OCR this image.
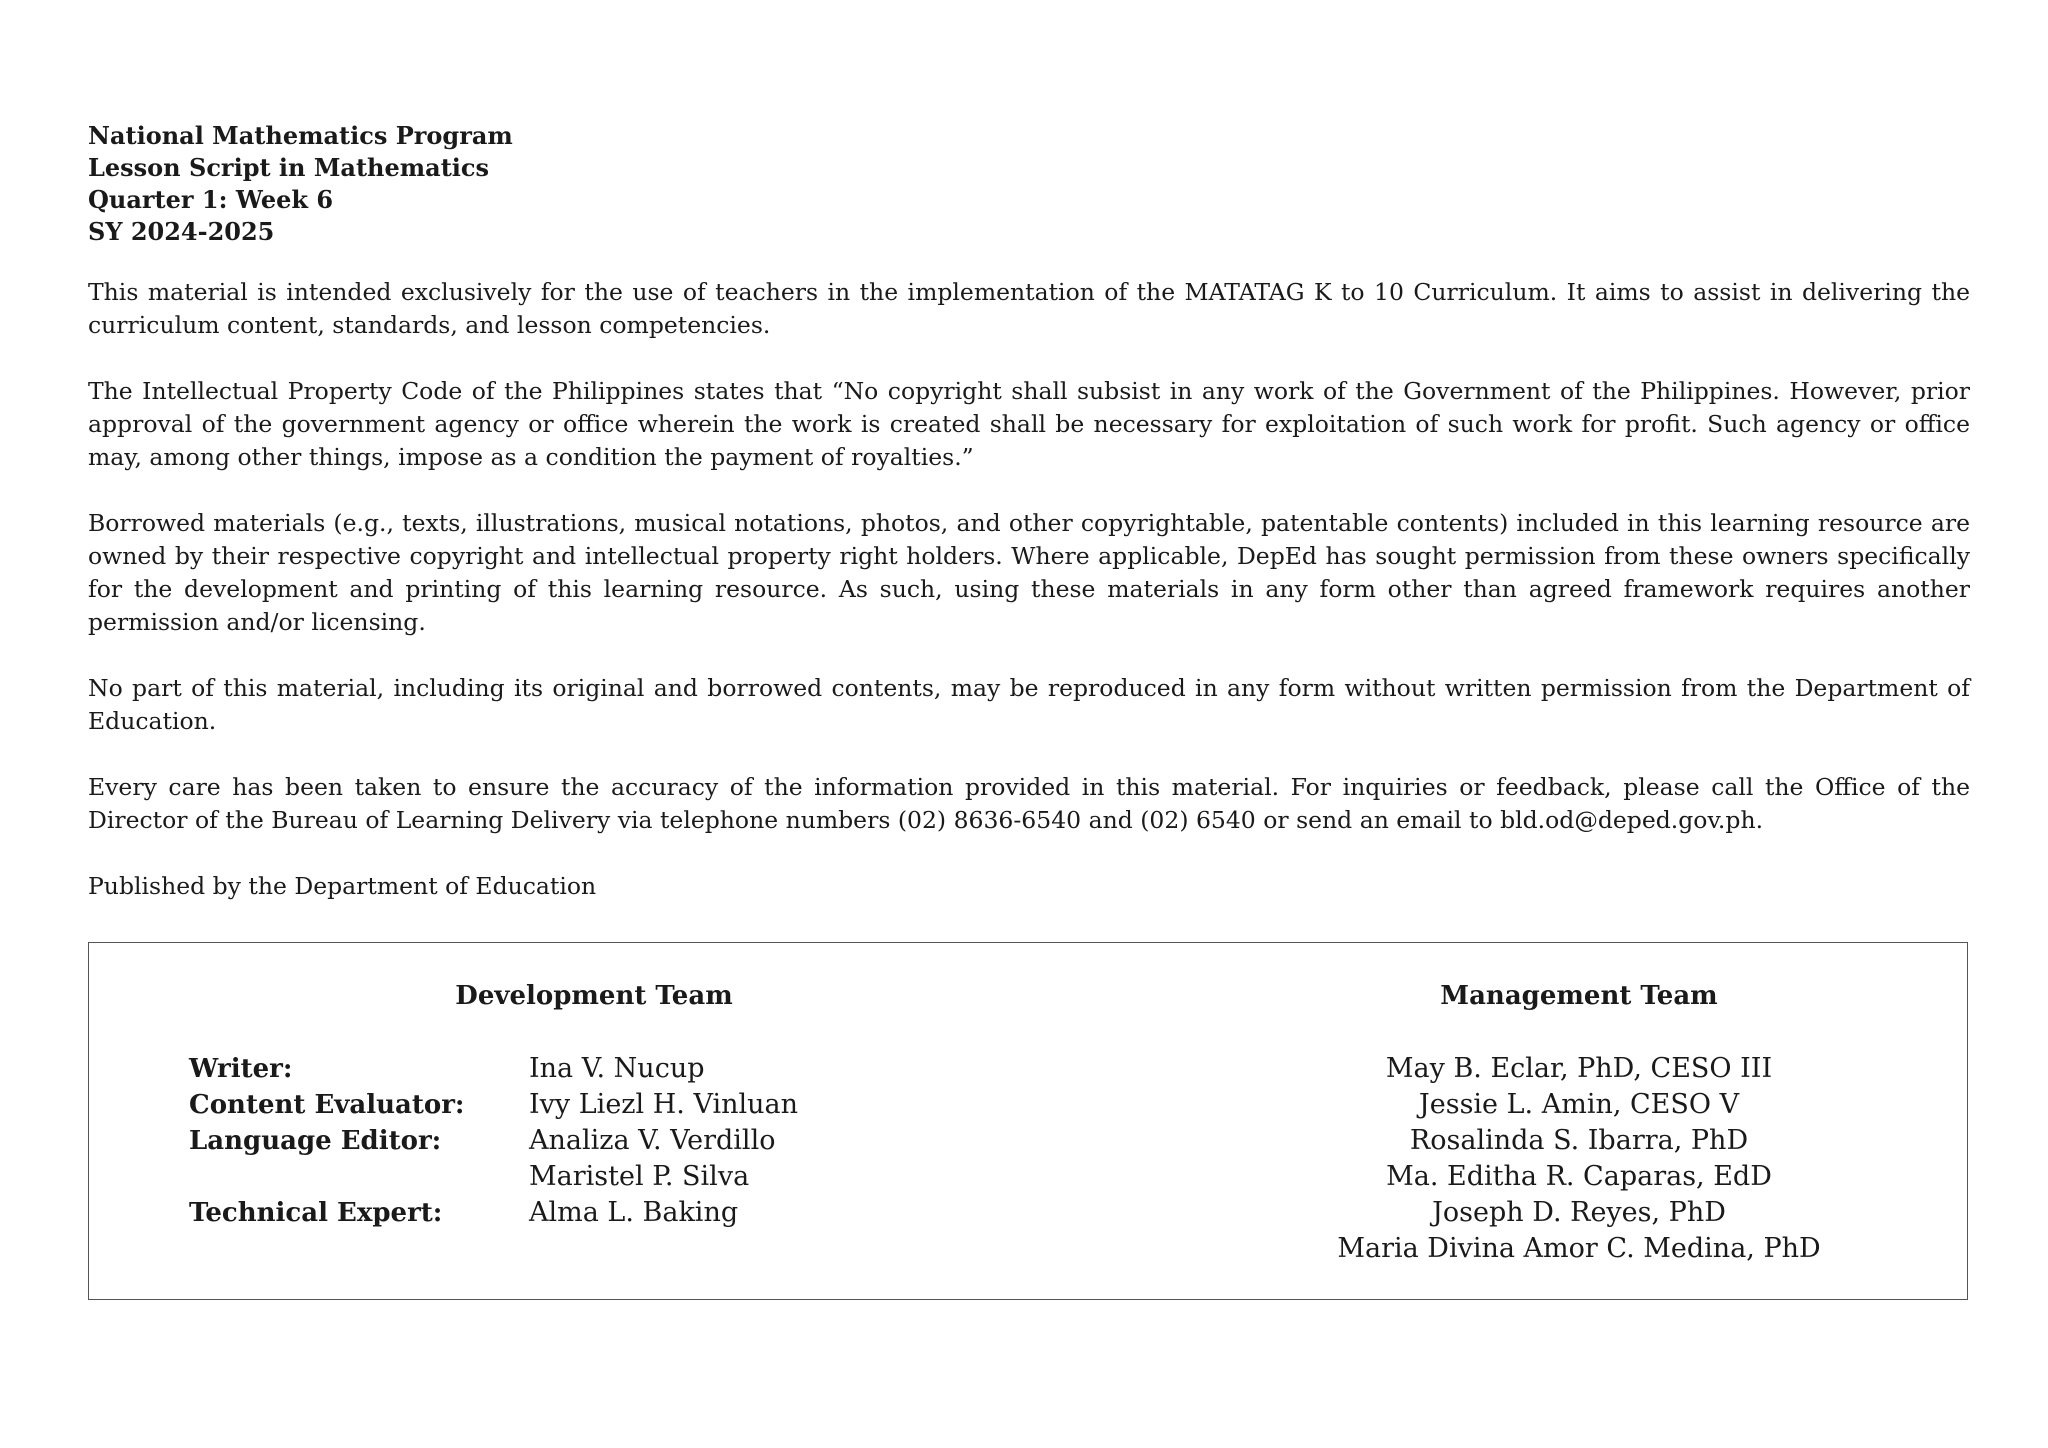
National Mathematics Program
Lesson Script in Mathematics
Quarter 1: Week 6
SY 2024-2025

This material is intended exclusively for the use of teachers in the implementation of the MATATAG K to 10 Curriculum. It aims to assist in delivering the curriculum content, standards, and lesson competencies.

The Intellectual Property Code of the Philippines states that “No copyright shall subsist in any work of the Government of the Philippines. However, prior approval of the government agency or office wherein the work is created shall be necessary for exploitation of such work for profit. Such agency or office may, among other things, impose as a condition the payment of royalties.”

Borrowed materials (e.g., texts, illustrations, musical notations, photos, and other copyrightable, patentable contents) included in this learning resource are owned by their respective copyright and intellectual property right holders. Where applicable, DepEd has sought permission from these owners specifically for the development and printing of this learning resource. As such, using these materials in any form other than agreed framework requires another permission and/or licensing.

No part of this material, including its original and borrowed contents, may be reproduced in any form without written permission from the Department of Education.

Every care has been taken to ensure the accuracy of the information provided in this material. For inquiries or feedback, please call the Office of the Director of the Bureau of Learning Delivery via telephone numbers (02) 8636-6540 and (02) 6540 or send an email to bld.od@deped.gov.ph.

Published by the Department of Education

Development Team	Management Team
Writer:	Ina V. Nucup
Content Evaluator:	Ivy Liezl H. Vinluan
Language Editor:	Analiza V. Verdillo
Maristel P. Silva
Technical Expert:	Alma L. Baking
May B. Eclar, PhD, CESO III
Jessie L. Amin, CESO V
Rosalinda S. Ibarra, PhD
Ma. Editha R. Caparas, EdD
Joseph D. Reyes, PhD
Maria Divina Amor C. Medina, PhD
